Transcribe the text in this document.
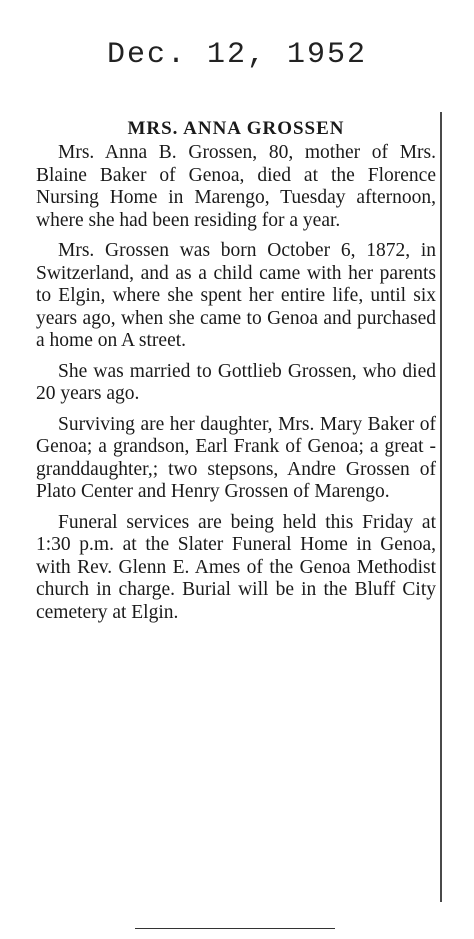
Dec. 12, 1952
MRS. ANNA GROSSEN

Mrs. Anna B. Grossen, 80, mother of Mrs. Blaine Baker of Genoa, died at the Florence Nursing Home in Marengo, Tuesday afternoon, where she had been residing for a year.

Mrs. Grossen was born October 6, 1872, in Switzerland, and as a child came with her parents to Elgin, where she spent her entire life, until six years ago, when she came to Genoa and purchased a home on A street.

She was married to Gottlieb Grossen, who died 20 years ago.

Surviving are her daughter, Mrs. Mary Baker of Genoa; a grandson, Earl Frank of Genoa; a great - granddaughter,; two stepsons, Andre Grossen of Plato Center and Henry Grossen of Marengo.

Funeral services are being held this Friday at 1:30 p.m. at the Slater Funeral Home in Genoa, with Rev. Glenn E. Ames of the Genoa Methodist church in charge. Burial will be in the Bluff City cemetery at Elgin.
